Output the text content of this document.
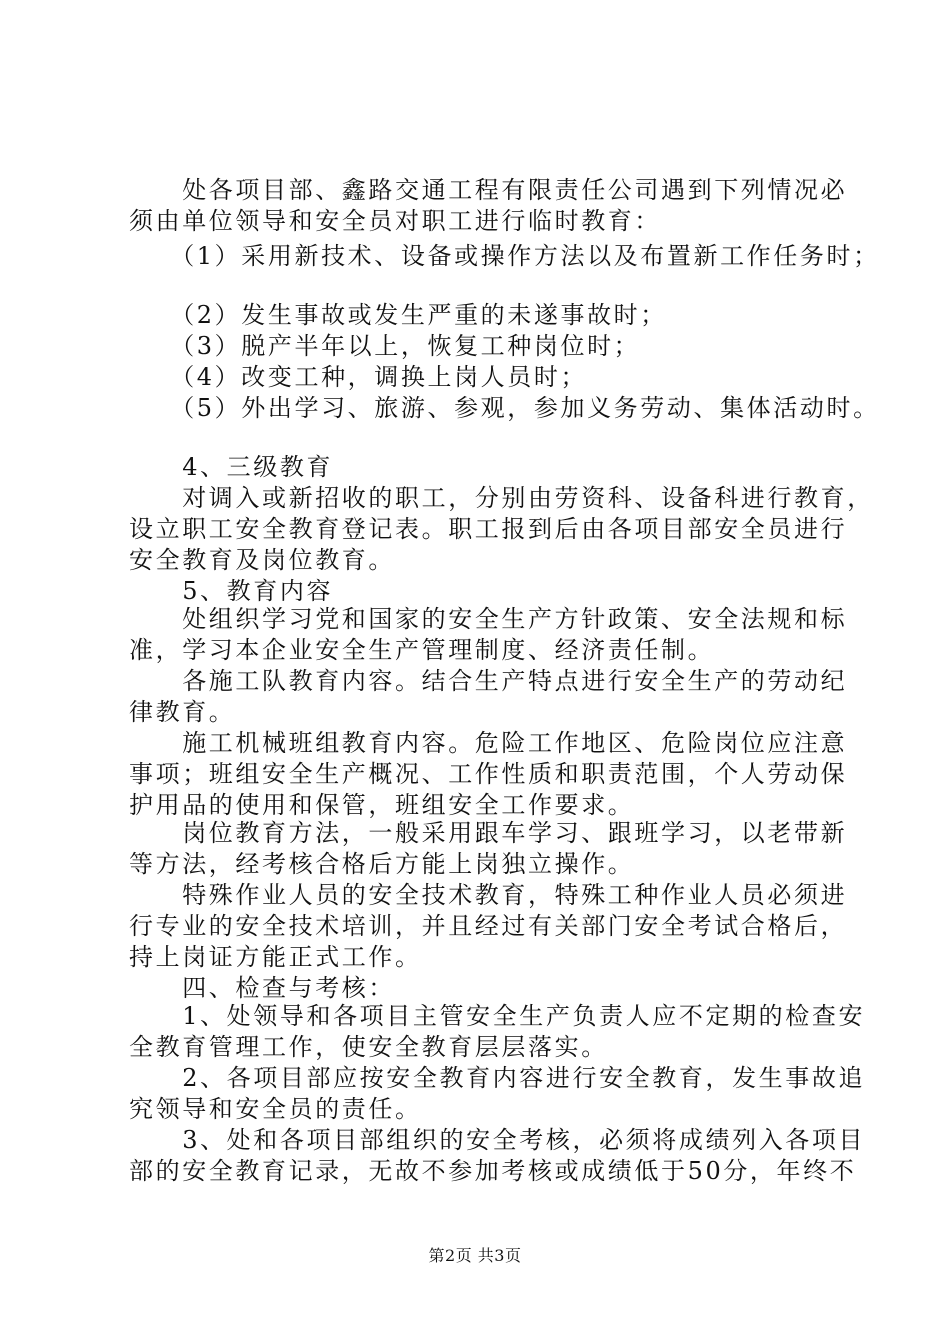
　　处各项目部、鑫路交通工程有限责任公司遇到下列情况必
须由单位领导和安全员对职工进行临时教育：
　　（1）采用新技术、设备或操作方法以及布置新工作任务时；
　　（2）发生事故或发生严重的未遂事故时；
　　（3）脱产半年以上，恢复工种岗位时；
　　（4）改变工种，调换上岗人员时；
　　（5）外出学习、旅游、参观，参加义务劳动、集体活动时。
　　4、三级教育
　　对调入或新招收的职工，分别由劳资科、设备科进行教育，
设立职工安全教育登记表。职工报到后由各项目部安全员进行
安全教育及岗位教育。
　　5、教育内容
　　处组织学习党和国家的安全生产方针政策、安全法规和标
准，学习本企业安全生产管理制度、经济责任制。
　　各施工队教育内容。结合生产特点进行安全生产的劳动纪
律教育。
　　施工机械班组教育内容。危险工作地区、危险岗位应注意
事项；班组安全生产概况、工作性质和职责范围，个人劳动保
护用品的使用和保管，班组安全工作要求。
　　岗位教育方法，一般采用跟车学习、跟班学习，以老带新
等方法，经考核合格后方能上岗独立操作。
　　特殊作业人员的安全技术教育，特殊工种作业人员必须进
行专业的安全技术培训，并且经过有关部门安全考试合格后，
持上岗证方能正式工作。
　　四、检查与考核：
　　1、处领导和各项目主管安全生产负责人应不定期的检查安
全教育管理工作，使安全教育层层落实。
　　2、各项目部应按安全教育内容进行安全教育，发生事故追
究领导和安全员的责任。
　　3、处和各项目部组织的安全考核，必须将成绩列入各项目
部的安全教育记录，无故不参加考核或成绩低于50分，年终不
第2页 共3页
